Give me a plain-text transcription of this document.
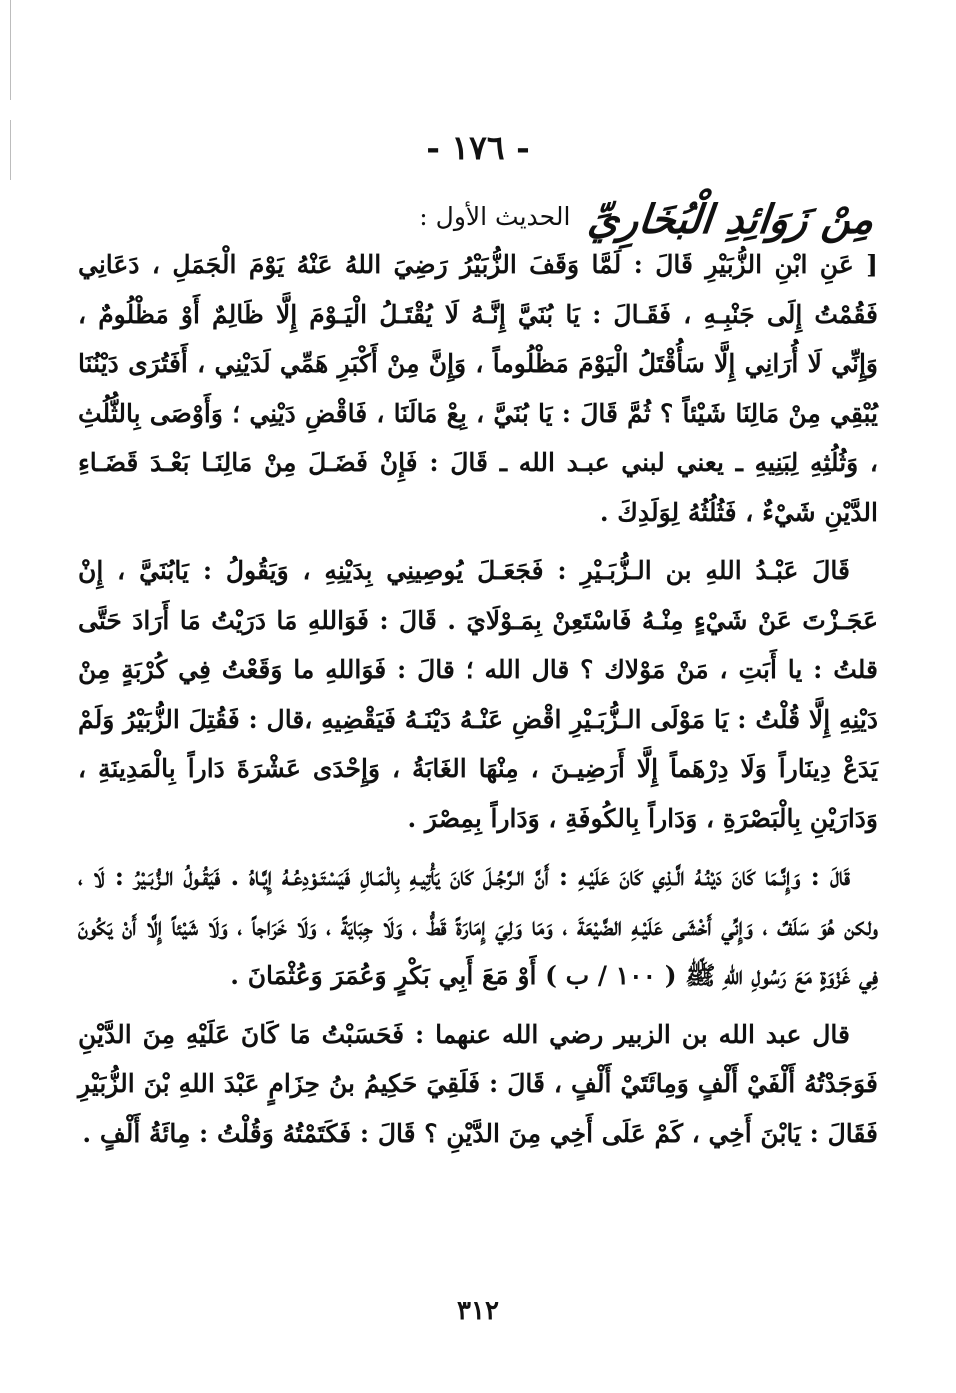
- ١٧٦ -
مِنْ زَوَائِدِ الْبُخَارِيِّ
الحديث الأول :

[ عَنِ ابْنِ الزُّبَيْرِ قَالَ : لَمَّا وَقَفَ الزُّبَيْرُ رَضِيَ اللهُ عَنْهُ يَوْمَ الْجَمَلِ ، دَعَانِي فَقُمْتُ إِلَى جَنْبِـهِ ، فَقَـالَ : يَا بُنَيَّ إِنَّـهُ لَا يُقْتَـلُ الْيَـوْمَ إِلَّا ظَالِمٌ أَوْ مَظْلُومٌ ، وَإِنِّي لَا أُرَانِي إِلَّا سَأُقْتَلُ الْيَوْمَ مَظْلُوماً ، وَإِنَّ مِنْ أَكْبَرِ هَمِّي لَدَيْنِي ، أَفَتُرَى دَيْنُنَا يُبْقِي مِنْ مَالِنَا شَيْئاً ؟ ثُمَّ قَالَ : يَا بُنَيَّ ، بِعْ مَالَنَا ، فَاقْضِ دَيْنِي ؛ وَأَوْصَى بِالثُّلُثِ ، وَثُلُثِهِ لِبَنِيهِ ـ يعني لبني عبـد الله ـ قَالَ : فَإِنْ فَضَـلَ مِنْ مَالِنَـا بَعْـدَ قَضَـاءِ الدَّيْنِ شَيْءٌ ، فَثُلُثُهُ لِوَلَدِكَ .

قَالَ عَبْـدُ اللهِ بن الـزُّبَـيْرِ : فَجَعَـلَ يُوصِينِي بِدَيْنِهِ ، وَيَقُولُ : يَابُنَيَّ ، إِنْ عَجَـزْتَ عَنْ شَيْءٍ مِنْـهُ فَاسْتَعِنْ بِمَـوْلَايَ . قَالَ : فَوَاللهِ مَا دَرَيْتُ مَا أَرَادَ حَتَّى قلتُ : يا أَبَتِ ، مَنْ مَوْلاك ؟ قال الله ؛ قالَ : فَوَاللهِ ما وَقَعْتُ فِي كُرْبَةٍ مِنْ دَيْنِهِ إِلَّا قُلْتُ : يَا مَوْلَى الـزُّبَـيْرِ اقْضِ عَنْـهُ دَيْنَـهُ فَيَقْضِيهِ ،قال : فَقُتِلَ الزُّبَيْرُ وَلَمْ يَدَعْ دِينَاراً وَلَا دِرْهَماً إِلَّا أَرَضِيـنَ ، مِنْهَا الغَابَةُ ، وَإِحْدَى عَشْرَةَ دَاراً بِالْمَدِينَةِ ، وَدَارَيْنِ بِالْبَصْرَةِ ، وَدَاراً بِالكُوفَةِ ، وَدَاراً بِمِصْرَ .

قَالَ : وَإِنَّـمَا كَانَ دَيْنُـهُ الَّـذِي كَانَ عَلَيْـهِ : أَنَّ الـرَّجُـلَ كَانَ يَأْتِيـهِ بِالْمَـالِ فَيَسْتَـوْدِعُـهُ إِيَّـاهُ . فَيَقُـولُ الـزُّبَـيْرُ : لَا ، ولكن هُوَ سَلَفٌ ، وَإِنِّي أَخْشَى عَلَيْـهِ الضَّيْعَةَ ، وَمَا وَلِيَ إِمَارَةً قَطُّ ، وَلَا جِبَايَةً ، وَلَا خَرَاجاً ، وَلَا شَيْئاً إِلَّا أَنْ يَكُونَ فِي غَزْوَةٍ مَعَ رَسُولِ اللهِ ﷺ ( ١٠٠ / ب ) أَوْ مَعَ أَبِي بَكْرٍ وَعُمَرَ وَعُثْمَانَ .

قال عبد الله بن الزبير رضي الله عنهما : فَحَسَبْتُ مَا كَانَ عَلَيْهِ مِنَ الدَّيْنِ فَوَجَدْتُهُ أَلْفَيْ أَلْفٍ وَمِائَتَيْ أَلْفٍ ، قَالَ : فَلَقِيَ حَكِيمُ بنُ حِزَامٍ عَبْدَ اللهِ بْنَ الزُّبَيْرِ فَقَالَ : يَابْنَ أَخِي ، كَمْ عَلَى أَخِي مِنَ الدَّيْنِ ؟ قَالَ : فَكَتَمْتُهُ وَقُلْتُ : مِائَةُ أَلْفٍ .

٣١٢
